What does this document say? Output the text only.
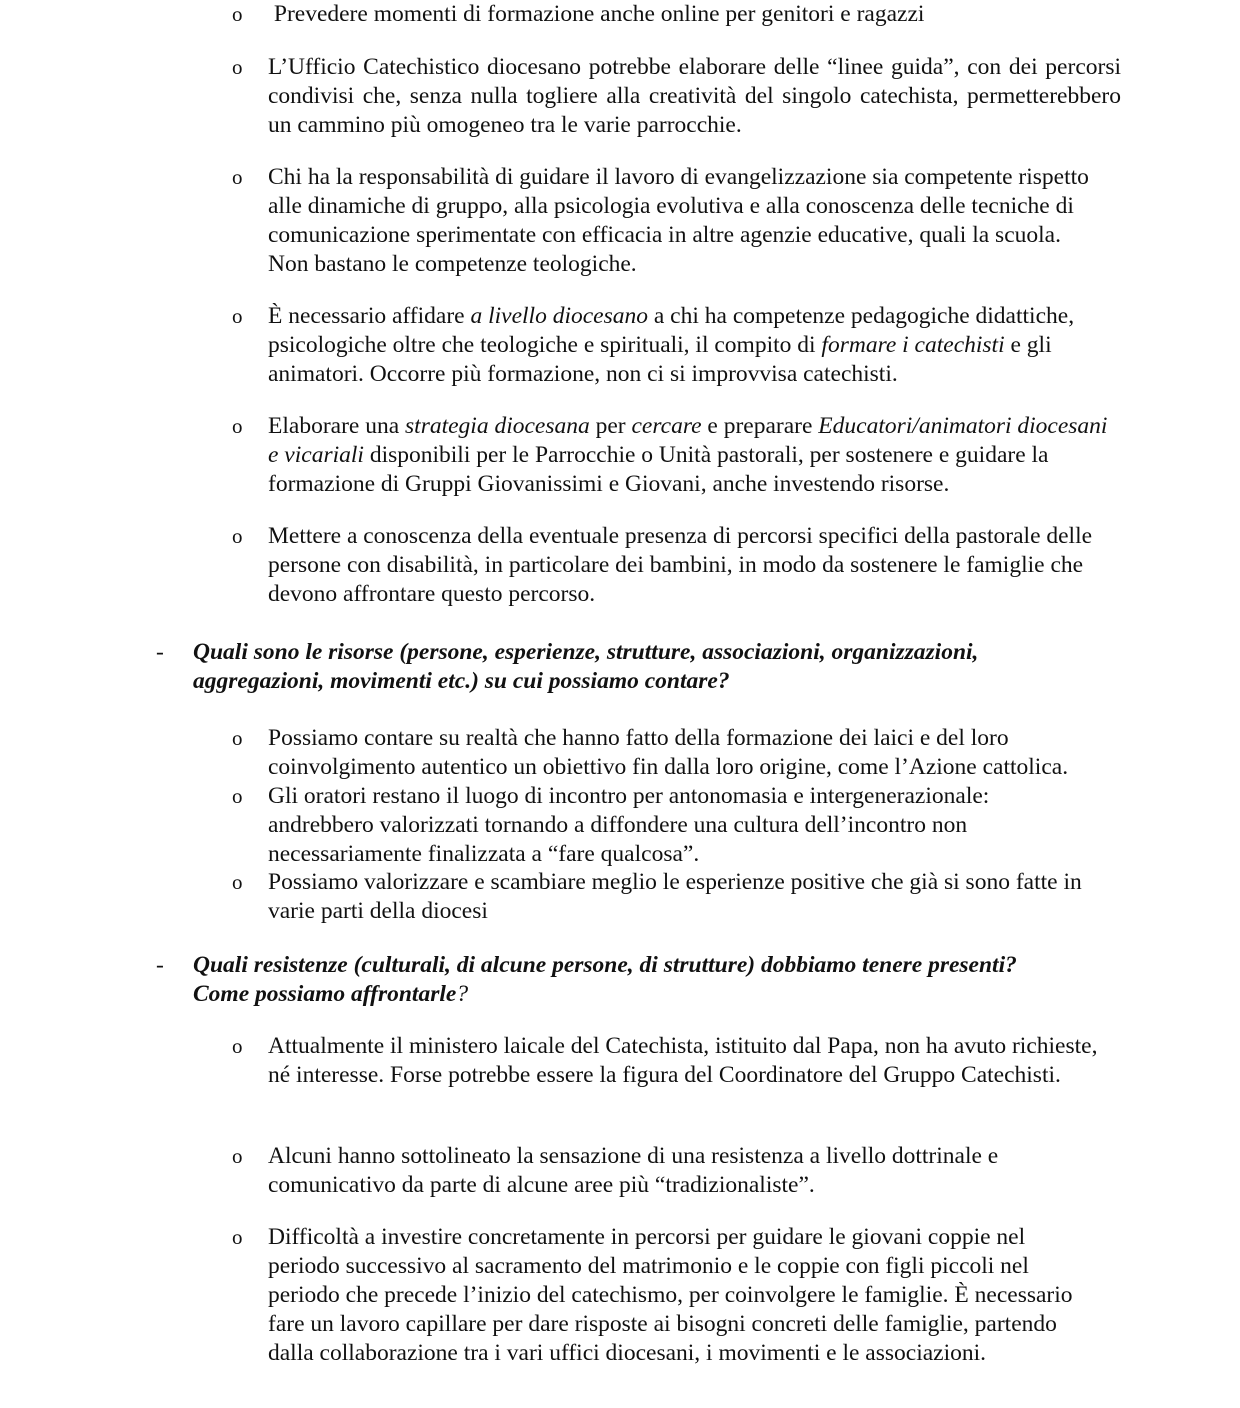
o Prevedere momenti di formazione anche online per genitori e ragazzi
o L’Ufficio Catechistico diocesano potrebbe elaborare delle “linee guida”, con dei percorsi condivisi che, senza nulla togliere alla creatività del singolo catechista, permetterebbero un cammino più omogeneo tra le varie parrocchie.
o Chi ha la responsabilità di guidare il lavoro di evangelizzazione sia competente rispetto alle dinamiche di gruppo, alla psicologia evolutiva e alla conoscenza delle tecniche di comunicazione sperimentate con efficacia in altre agenzie educative, quali la scuola. Non bastano le competenze teologiche.
o È necessario affidare a livello diocesano a chi ha competenze pedagogiche didattiche, psicologiche oltre che teologiche e spirituali, il compito di formare i catechisti e gli animatori. Occorre più formazione, non ci si improvvisa catechisti.
o Elaborare una strategia diocesana per cercare e preparare Educatori/animatori diocesani e vicariali disponibili per le Parrocchie o Unità pastorali, per sostenere e guidare la formazione di Gruppi Giovanissimi e Giovani, anche investendo risorse.
o Mettere a conoscenza della eventuale presenza di percorsi specifici della pastorale delle persone con disabilità, in particolare dei bambini, in modo da sostenere le famiglie che devono affrontare questo percorso.
- Quali sono le risorse (persone, esperienze, strutture, associazioni, organizzazioni, aggregazioni, movimenti etc.) su cui possiamo contare?
o Possiamo contare su realtà che hanno fatto della formazione dei laici e del loro coinvolgimento autentico un obiettivo fin dalla loro origine, come l’Azione cattolica.
o Gli oratori restano il luogo di incontro per antonomasia e intergenerazionale: andrebbero valorizzati tornando a diffondere una cultura dell’incontro non necessariamente finalizzata a “fare qualcosa”.
o Possiamo valorizzare e scambiare meglio le esperienze positive che già si sono fatte in varie parti della diocesi
- Quali resistenze (culturali, di alcune persone, di strutture) dobbiamo tenere presenti?
Come possiamo affrontarle?
o Attualmente il ministero laicale del Catechista, istituito dal Papa, non ha avuto richieste, né interesse. Forse potrebbe essere la figura del Coordinatore del Gruppo Catechisti.
o Alcuni hanno sottolineato la sensazione di una resistenza a livello dottrinale e comunicativo da parte di alcune aree più “tradizionaliste”.
o Difficoltà a investire concretamente in percorsi per guidare le giovani coppie nel periodo successivo al sacramento del matrimonio e le coppie con figli piccoli nel periodo che precede l’inizio del catechismo, per coinvolgere le famiglie. È necessario fare un lavoro capillare per dare risposte ai bisogni concreti delle famiglie, partendo dalla collaborazione tra i vari uffici diocesani, i movimenti e le associazioni.
